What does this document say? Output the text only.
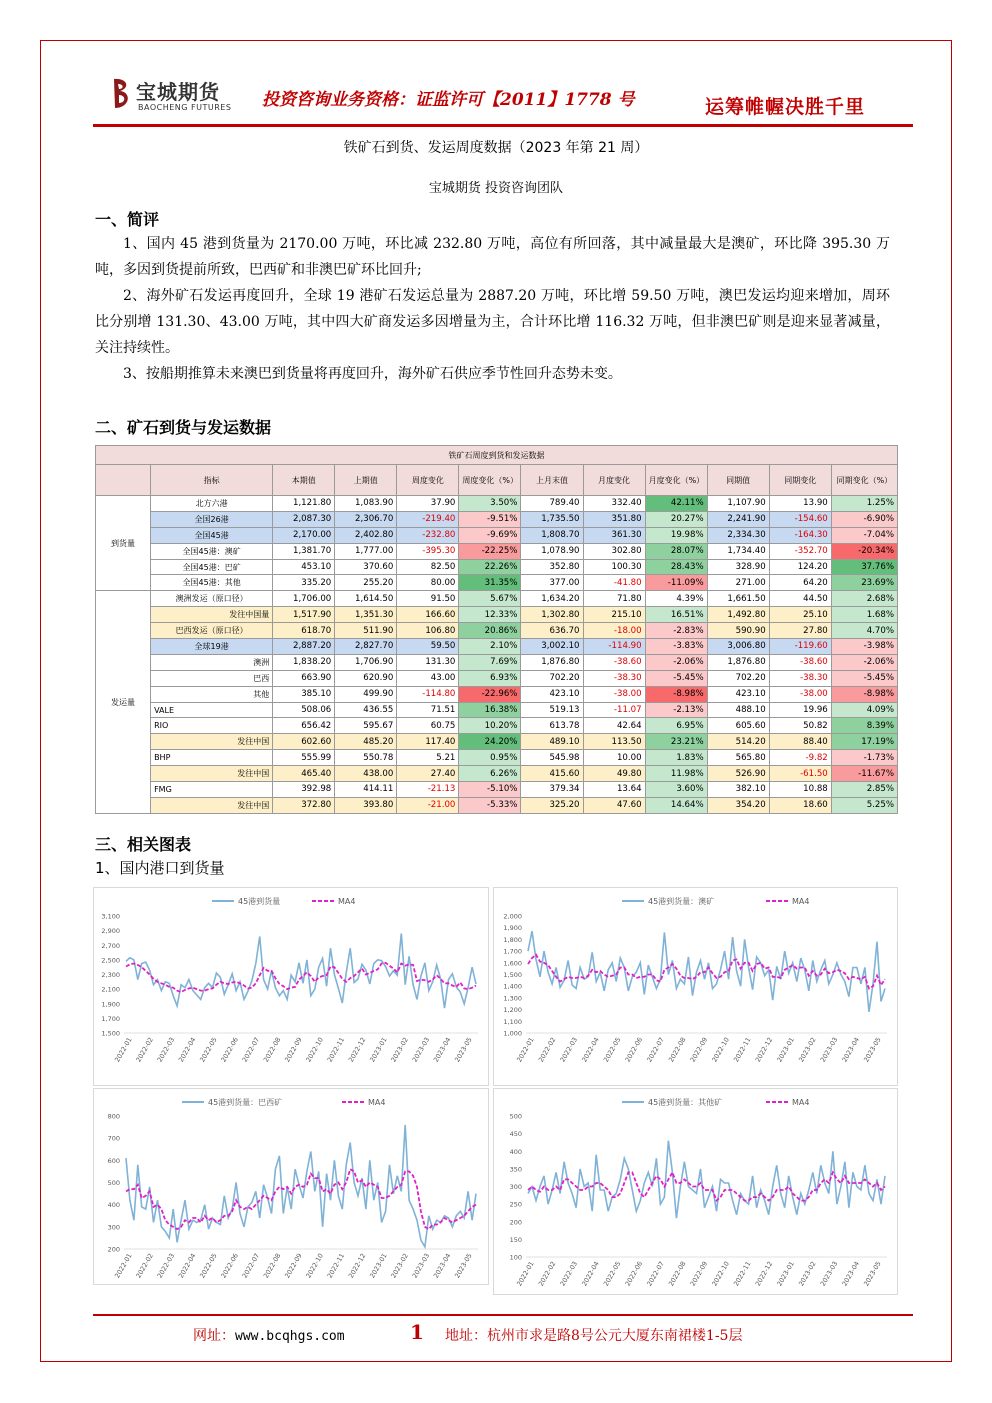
宝城期货
BAOCHENG FUTURES 投资咨询业务资格：证监许可【2011】1778 号	运筹帷幄决胜千里
铁矿石到货、发运周度数据（2023 年第 21 周）
宝城期货 投资咨询团队
一、简评

1、国内 45 港到货量为 2170.00 万吨，环比减 232.80 万吨，高位有所回落，其中减量最大是澳矿，环比降 395.30 万吨，多因到货提前所致，巴西矿和非澳巴矿环比回升;

2、海外矿石发运再度回升，全球 19 港矿石发运总量为 2887.20 万吨，环比增 59.50 万吨，澳巴发运均迎来增加，周环比分别增 131.30、43.00 万吨，其中四大矿商发运多因增量为主，合计环比增 116.32 万吨，但非澳巴矿则是迎来显著减量，关注持续性。

3、按船期推算未来澳巴到货量将再度回升，海外矿石供应季节性回升态势未变。

二、矿石到货与发运数据
铁矿石周度到货和发运数据											
	指标	本期值	上期值	周度变化	周度变化（%）	上月末值	月度变化	月度变化（%）	同期值	同期变化	同期变化（%）
到货量	北方六港	1,121.80	1,083.90	37.90	3.50%	789.40	332.40	42.11%	1,107.90	13.90	1.25%
	全国26港	2,087.30	2,306.70	-219.40	-9.51%	1,735.50	351.80	20.27%	2,241.90	-154.60	-6.90%
	全国45港	2,170.00	2,402.80	-232.80	-9.69%	1,808.70	361.30	19.98%	2,334.30	-164.30	-7.04%
	全国45港：澳矿	1,381.70	1,777.00	-395.30	-22.25%	1,078.90	302.80	28.07%	1,734.40	-352.70	-20.34%
	全国45港：巴矿	453.10	370.60	82.50	22.26%	352.80	100.30	28.43%	328.90	124.20	37.76%
	全国45港：其他	335.20	255.20	80.00	31.35%	377.00	-41.80	-11.09%	271.00	64.20	23.69%
发运量	澳洲发运（原口径）	1,706.00	1,614.50	91.50	5.67%	1,634.20	71.80	4.39%	1,661.50	44.50	2.68%
	发往中国量	1,517.90	1,351.30	166.60	12.33%	1,302.80	215.10	16.51%	1,492.80	25.10	1.68%
	巴西发运（原口径）	618.70	511.90	106.80	20.86%	636.70	-18.00	-2.83%	590.90	27.80	4.70%
	全球19港	2,887.20	2,827.70	59.50	2.10%	3,002.10	-114.90	-3.83%	3,006.80	-119.60	-3.98%
	澳洲	1,838.20	1,706.90	131.30	7.69%	1,876.80	-38.60	-2.06%	1,876.80	-38.60	-2.06%
	巴西	663.90	620.90	43.00	6.93%	702.20	-38.30	-5.45%	702.20	-38.30	-5.45%
	其他	385.10	499.90	-114.80	-22.96%	423.10	-38.00	-8.98%	423.10	-38.00	-8.98%
	VALE	508.06	436.55	71.51	16.38%	519.13	-11.07	-2.13%	488.10	19.96	4.09%
	RIO	656.42	595.67	60.75	10.20%	613.78	42.64	6.95%	605.60	50.82	8.39%
	发往中国	602.60	485.20	117.40	24.20%	489.10	113.50	23.21%	514.20	88.40	17.19%
	BHP	555.99	550.78	5.21	0.95%	545.98	10.00	1.83%	565.80	-9.82	-1.73%
	发往中国	465.40	438.00	27.40	6.26%	415.60	49.80	11.98%	526.90	-61.50	-11.67%
	FMG	392.98	414.11	-21.13	-5.10%	379.34	13.64	3.60%	382.10	10.88	2.85%
	发往中国	372.80	393.80	-21.00	-5.33%	325.20	47.60	14.64%	354.20	18.60	5.25%
三、相关图表
1、国内港口到货量
1,500
1,700
1,900
2,100
2,300
2,500
2,700
2,900
3,100
2022-01 2022-02 2022-03 2022-04 2022-05 2022-06 2022-07 2022-08 2022-09 2022-10 2022-11 2022-12 2023-01 2023-02 2023-03 2023-04 2023-05
45港到货量	MA4
1,000
1,100
1,200
1,300
1,400
1,500
1,600
1,700
1,800
1,900
2,000
2022-01 2022-02 2022-03 2022-04 2022-05 2022-06 2022-07 2022-08 2022-09 2022-10 2022-11 2022-12 2023-01 2023-02 2023-03 2023-04 2023-05
45港到货量：澳矿	MA4
200
300
400
500
600
700
800
2022-01 2022-02 2022-03 2022-04 2022-05 2022-06 2022-07 2022-08 2022-09 2022-10 2022-11 2022-12 2023-01 2023-02 2023-03 2023-04 2023-05
45港到货量：巴西矿	MA4
100
150
200
250
300
350
400
450
500
2022-01 2022-02 2022-03 2022-04 2022-05 2022-06 2022-07 2022-08 2022-09 2022-10 2022-11 2022-12 2023-01 2023-02 2023-03 2023-04 2023-05
45港到货量：其他矿	MA4
网址：www.bcqhgs.com	1 地址：杭州市求是路8号公元大厦东南裙楼1-5层
